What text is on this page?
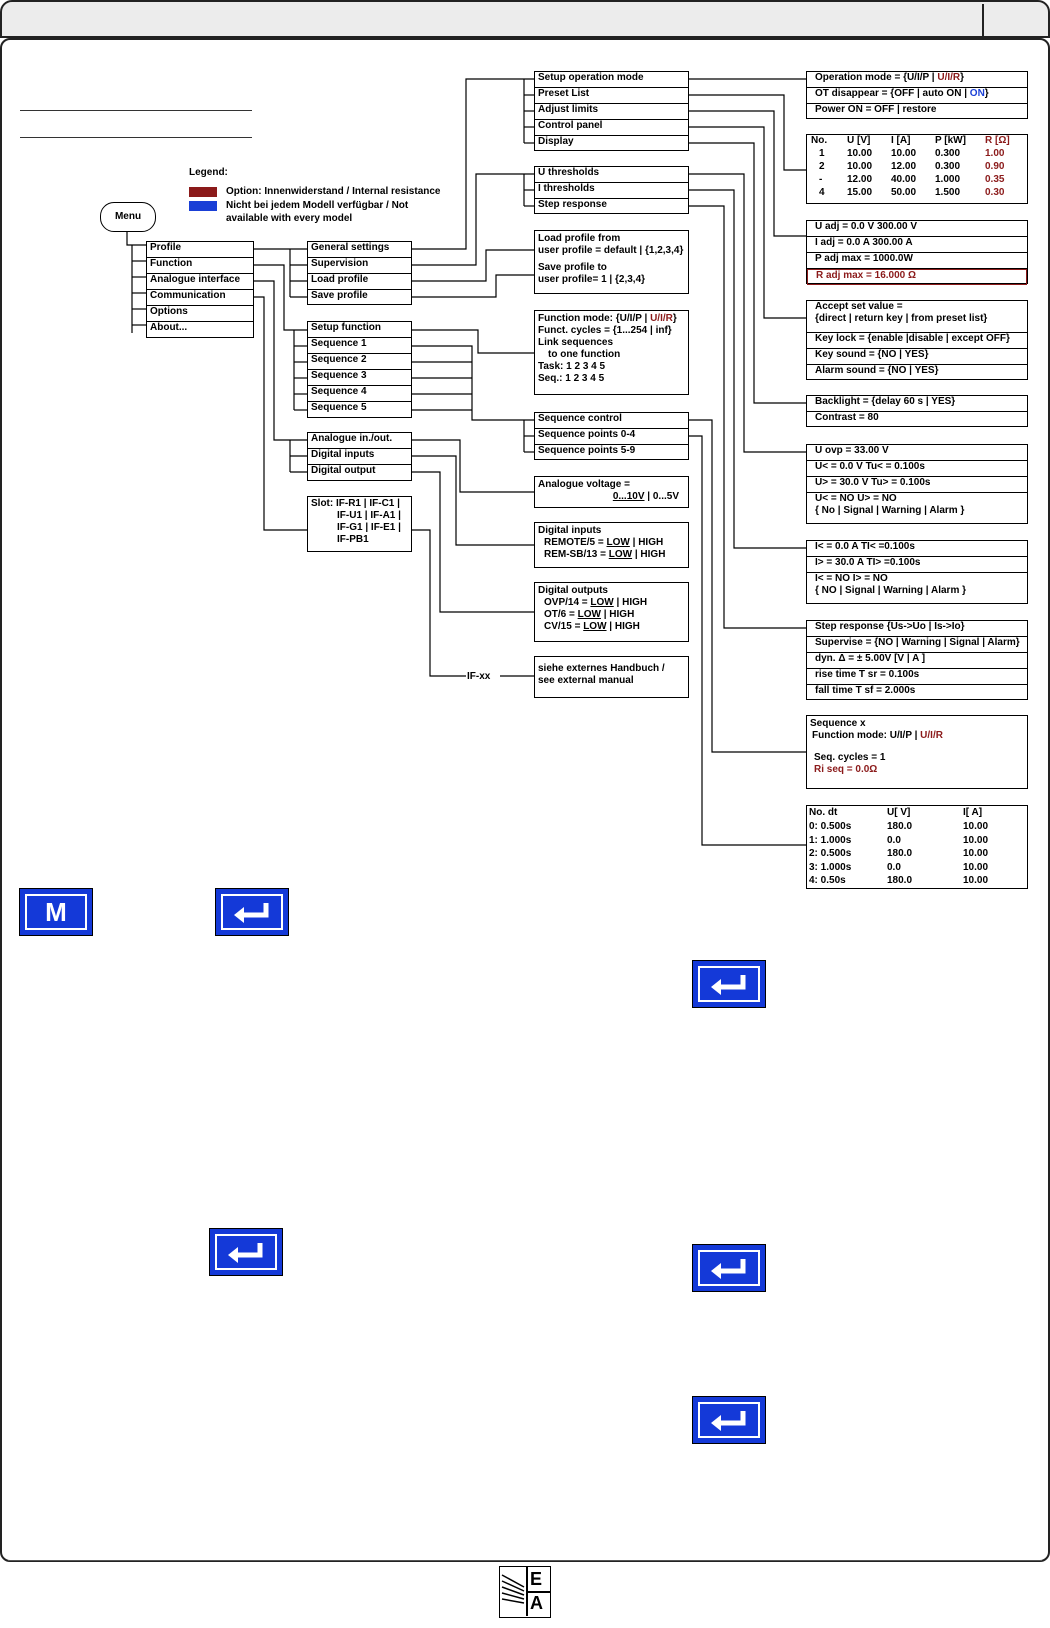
Legend:
Option: Innenwiderstand / Internal resistance
Nicht bei jedem Modell verfügbar / Not
available with every model
Menu
Profile
Function
Analogue interface
Communication
Options
About...
General settings
Supervision
Load profile
Save profile
Setup function
Sequence 1
Sequence 2
Sequence 3
Sequence 4
Sequence 5
Analogue in./out.
Digital inputs
Digital output
Slot: IF-R1 | IF-C1 |
IF-U1 | IF-A1 |
IF-G1 | IF-E1 |
IF-PB1
Setup operation mode
Preset List
Adjust limits
Control panel
Display
U thresholds
I thresholds
Step response
Load profile from
user profile = default | {1,2,3,4}
Save profile to
user profile= 1 | {2,3,4}
Function mode: {U/I/P | U/I/R}
Funct. cycles = {1...254 | inf}
Link sequences
to one function
Task: 1 2 3 4 5
Seq.: 1 2 3 4 5
Sequence control
Sequence points 0-4
Sequence points 5-9
Analogue voltage =
0...10V | 0...5V
Digital inputs
REMOTE/5 = LOW | HIGH
REM-SB/13 = LOW | HIGH
Digital outputs
OVP/14 = LOW | HIGH
OT/6 = LOW | HIGH
CV/15 = LOW | HIGH
IF-xx
siehe externes Handbuch /
see external manual
Operation mode = {U/I/P | U/I/R}
OT disappear = {OFF | auto ON | ON}
Power ON = OFF | restore
No. U [V] I [A] P [kW] R [Ω]
1 10.00 10.00 0.300 1.00
2 10.00 12.00 0.300 0.90
- 12.00 40.00 1.000 0.35
4 15.00 50.00 1.500 0.30
U adj = 0.0 V 300.00 V
I adj = 0.0 A 300.00 A
P adj max = 1000.0W
R adj max = 16.000 Ω
Accept set value =
{direct | return key | from preset list}
Key lock = {enable |disable | except OFF}
Key sound = {NO | YES}
Alarm sound = {NO | YES}
Backlight = {delay 60 s | YES}
Contrast = 80
U ovp = 33.00 V
U< = 0.0 V Tu< = 0.100s
U> = 30.0 V Tu> = 0.100s
U< = NO U> = NO
{ No | Signal | Warning | Alarm }
I< = 0.0 A TI< =0.100s
I> = 30.0 A TI> =0.100s
I< = NO I> = NO
{ NO | Signal | Warning | Alarm }
Step response {Us->Uo | Is->Io}
Supervise = {NO | Warning | Signal | Alarm}
dyn. Δ = ± 5.00V [V | A ]
rise time T sr = 0.100s
fall time T sf = 2.000s
Sequence x
Function mode: U/I/P | U/I/R
Seq. cycles = 1
Ri seq = 0.0Ω
No. dt	U[ V]	I[ A]
0: 0.500s	180.0	10.00
1: 1.000s	0.0	10.00
2: 0.500s	180.0	10.00
3: 1.000s	0.0	10.00
4: 0.50s	180.0	10.00
M
E
A
